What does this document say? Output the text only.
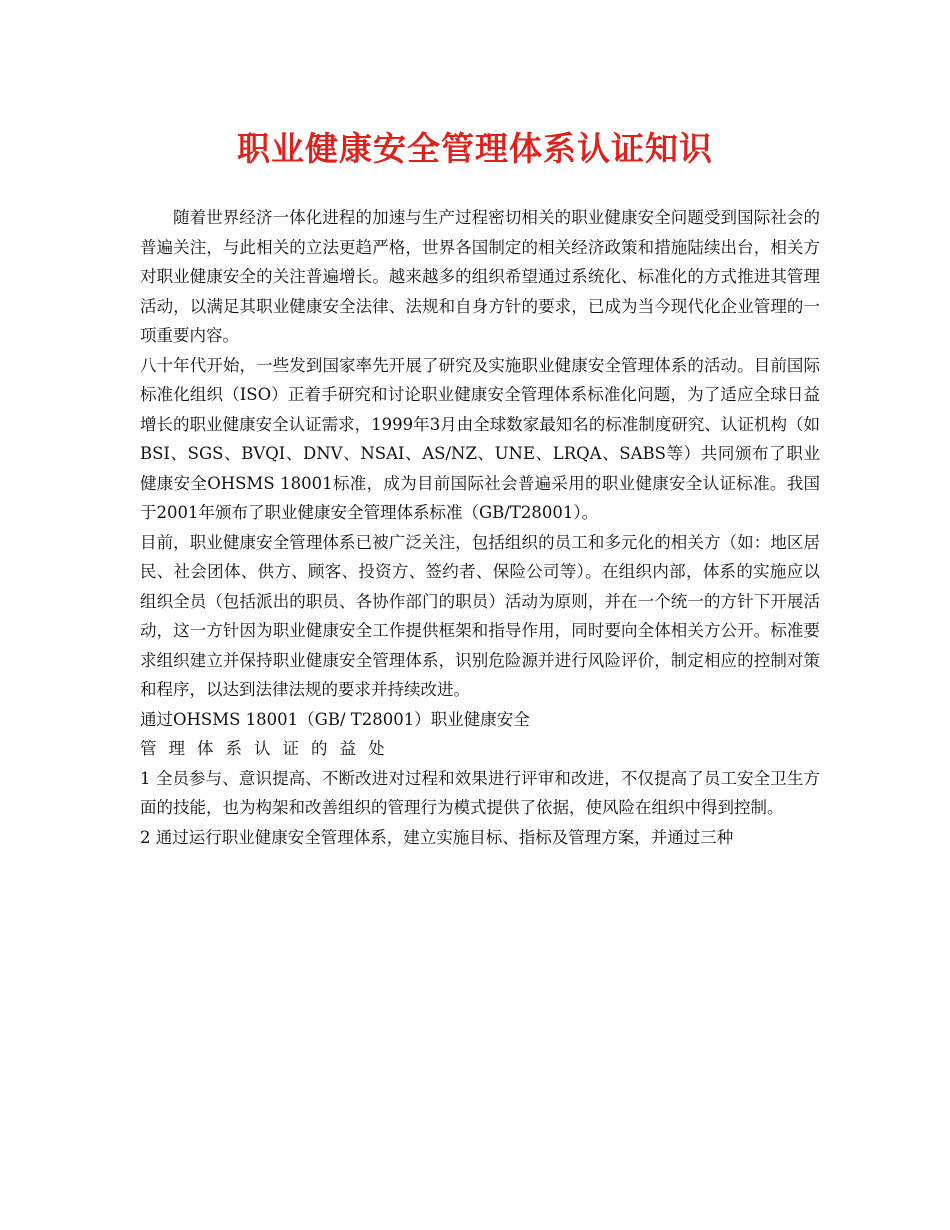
职业健康安全管理体系认证知识

随着世界经济一体化进程的加速与生产过程密切相关的职业健康安全问题受到国际社会的普遍关注，与此相关的立法更趋严格，世界各国制定的相关经济政策和措施陆续出台，相关方对职业健康安全的关注普遍增长。越来越多的组织希望通过系统化、标准化的方式推进其管理活动，以满足其职业健康安全法律、法规和自身方针的要求，已成为当今现代化企业管理的一项重要内容。

八十年代开始，一些发到国家率先开展了研究及实施职业健康安全管理体系的活动。目前国际标准化组织（ISO）正着手研究和讨论职业健康安全管理体系标准化问题，为了适应全球日益增长的职业健康安全认证需求，1999年3月由全球数家最知名的标准制度研究、认证机构（如BSI、SGS、BVQI、DNV、NSAI、AS/NZ、UNE、LRQA、SABS等）共同颁布了职业健康安全OHSMS 18001标准，成为目前国际社会普遍采用的职业健康安全认证标准。我国于2001年颁布了职业健康安全管理体系标准（GB/T28001）。

目前，职业健康安全管理体系已被广泛关注，包括组织的员工和多元化的相关方（如：地区居民、社会团体、供方、顾客、投资方、签约者、保险公司等）。在组织内部，体系的实施应以组织全员（包括派出的职员、各协作部门的职员）活动为原则，并在一个统一的方针下开展活动，这一方针因为职业健康安全工作提供框架和指导作用，同时要向全体相关方公开。标准要求组织建立并保持职业健康安全管理体系，识别危险源并进行风险评价，制定相应的控制对策和程序，以达到法律法规的要求并持续改进。

通过OHSMS 18001（GB/ T28001）职业健康安全

管理体系认证的益处

1 全员参与、意识提高、不断改进对过程和效果进行评审和改进，不仅提高了员工安全卫生方面的技能，也为构架和改善组织的管理行为模式提供了依据，使风险在组织中得到控制。

2 通过运行职业健康安全管理体系，建立实施目标、指标及管理方案，并通过三种
